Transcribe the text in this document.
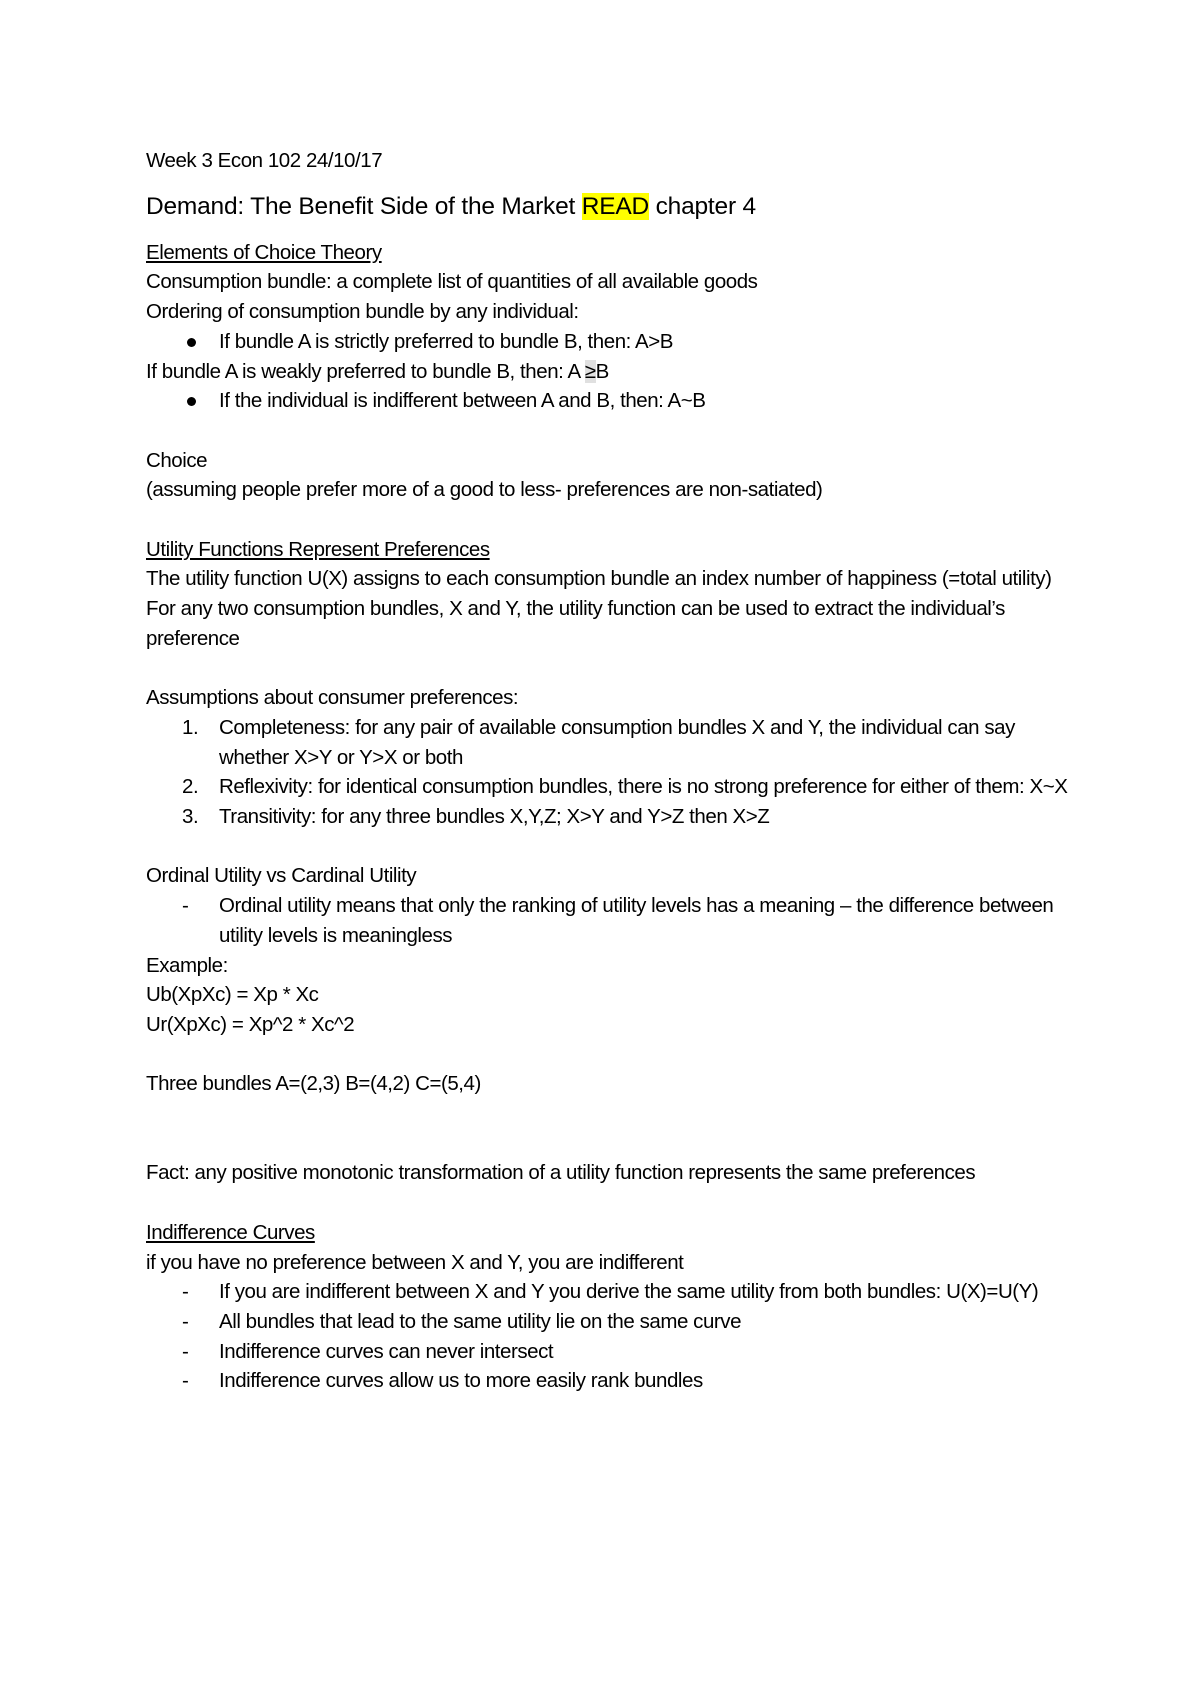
Week 3 Econ 102 24/10/17

Demand: The Benefit Side of the Market READ chapter 4

Elements of Choice Theory

Consumption bundle: a complete list of quantities of all available goods

Ordering of consumption bundle by any individual:

If bundle A is strictly preferred to bundle B, then: A>B

If bundle A is weakly preferred to bundle B, then: A ≥B

If the individual is indifferent between A and B, then: A~B

Choice

(assuming people prefer more of a good to less- preferences are non-satiated)

Utility Functions Represent Preferences

The utility function U(X) assigns to each consumption bundle an index number of happiness (=total utility)

For any two consumption bundles, X and Y, the utility function can be used to extract the individual’s preference

Assumptions about consumer preferences:

1. Completeness: for any pair of available consumption bundles X and Y, the individual can say whether X>Y or Y>X or both
2. Reflexivity: for identical consumption bundles, there is no strong preference for either of them: X~X
3. Transitivity: for any three bundles X,Y,Z; X>Y and Y>Z then X>Z

Ordinal Utility vs Cardinal Utility

- Ordinal utility means that only the ranking of utility levels has a meaning – the difference between utility levels is meaningless

Example:

Ub(XpXc) = Xp * Xc

Ur(XpXc) = Xp^2 * Xc^2

Three bundles A=(2,3) B=(4,2) C=(5,4)

Fact: any positive monotonic transformation of a utility function represents the same preferences

Indifference Curves

if you have no preference between X and Y, you are indifferent

- If you are indifferent between X and Y you derive the same utility from both bundles: U(X)=U(Y)
- All bundles that lead to the same utility lie on the same curve
- Indifference curves can never intersect
- Indifference curves allow us to more easily rank bundles
